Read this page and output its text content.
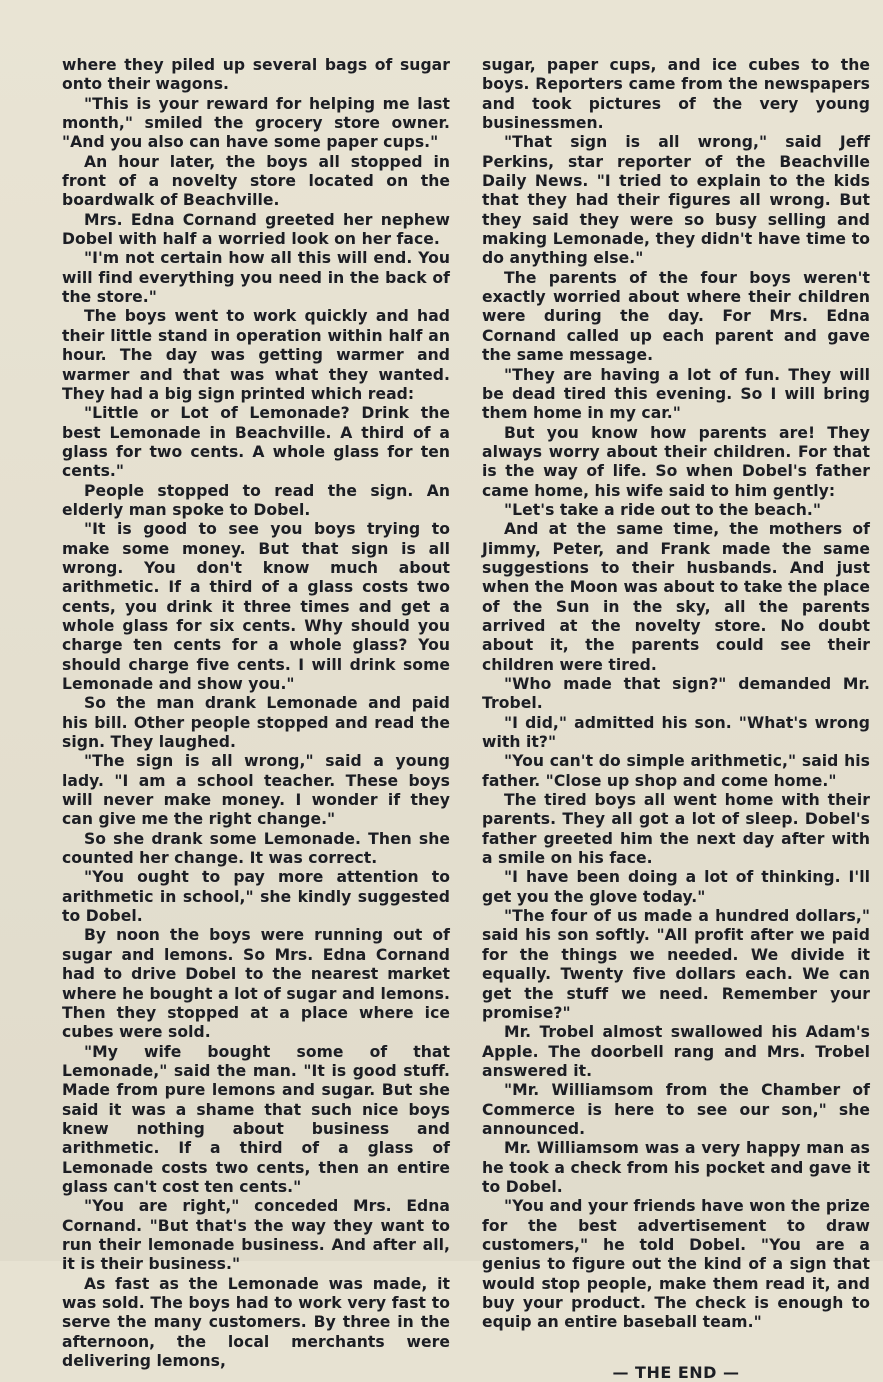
where they piled up several bags of sugar onto their wagons.

"This is your reward for helping me last month," smiled the grocery store owner. "And you also can have some paper cups."

An hour later, the boys all stopped in front of a novelty store located on the boardwalk of Beachville.

Mrs. Edna Cornand greeted her nephew Dobel with half a worried look on her face.

"I'm not certain how all this will end. You will find everything you need in the back of the store."

The boys went to work quickly and had their little stand in operation within half an hour. The day was getting warmer and warmer and that was what they wanted. They had a big sign printed which read:

"Little or Lot of Lemonade? Drink the best Lemonade in Beachville. A third of a glass for two cents. A whole glass for ten cents."

People stopped to read the sign. An elderly man spoke to Dobel.

"It is good to see you boys trying to make some money. But that sign is all wrong. You don't know much about arithmetic. If a third of a glass costs two cents, you drink it three times and get a whole glass for six cents. Why should you charge ten cents for a whole glass? You should charge five cents. I will drink some Lemonade and show you."

So the man drank Lemonade and paid his bill. Other people stopped and read the sign. They laughed.

"The sign is all wrong," said a young lady. "I am a school teacher. These boys will never make money. I wonder if they can give me the right change."

So she drank some Lemonade. Then she counted her change. It was correct.

"You ought to pay more attention to arithmetic in school," she kindly suggested to Dobel.

By noon the boys were running out of sugar and lemons. So Mrs. Edna Cornand had to drive Dobel to the nearest market where he bought a lot of sugar and lemons. Then they stopped at a place where ice cubes were sold.

"My wife bought some of that Lemonade," said the man. "It is good stuff. Made from pure lemons and sugar. But she said it was a shame that such nice boys knew nothing about business and arithmetic. If a third of a glass of Lemonade costs two cents, then an entire glass can't cost ten cents."

"You are right," conceded Mrs. Edna Cornand. "But that's the way they want to run their lemonade business. And after all, it is their business."

As fast as the Lemonade was made, it was sold. The boys had to work very fast to serve the many customers. By three in the afternoon, the local merchants were delivering lemons,

sugar, paper cups, and ice cubes to the boys. Reporters came from the newspapers and took pictures of the very young businessmen.

"That sign is all wrong," said Jeff Perkins, star reporter of the Beachville Daily News. "I tried to explain to the kids that they had their figures all wrong. But they said they were so busy selling and making Lemonade, they didn't have time to do anything else."

The parents of the four boys weren't exactly worried about where their children were during the day. For Mrs. Edna Cornand called up each parent and gave the same message.

"They are having a lot of fun. They will be dead tired this evening. So I will bring them home in my car."

But you know how parents are! They always worry about their children. For that is the way of life. So when Dobel's father came home, his wife said to him gently:

"Let's take a ride out to the beach."

And at the same time, the mothers of Jimmy, Peter, and Frank made the same suggestions to their husbands. And just when the Moon was about to take the place of the Sun in the sky, all the parents arrived at the novelty store. No doubt about it, the parents could see their children were tired.

"Who made that sign?" demanded Mr. Trobel.

"I did," admitted his son. "What's wrong with it?"

"You can't do simple arithmetic," said his father. "Close up shop and come home."

The tired boys all went home with their parents. They all got a lot of sleep. Dobel's father greeted him the next day after with a smile on his face.

"I have been doing a lot of thinking. I'll get you the glove today."

"The four of us made a hundred dollars," said his son softly. "All profit after we paid for the things we needed. We divide it equally. Twenty five dollars each. We can get the stuff we need. Remember your promise?"

Mr. Trobel almost swallowed his Adam's Apple. The doorbell rang and Mrs. Trobel answered it.

"Mr. Williamsom from the Chamber of Commerce is here to see our son," she announced.

Mr. Williamsom was a very happy man as he took a check from his pocket and gave it to Dobel.

"You and your friends have won the prize for the best advertisement to draw customers," he told Dobel. "You are a genius to figure out the kind of a sign that would stop people, make them read it, and buy your product. The check is enough to equip an entire baseball team."

— THE END —
